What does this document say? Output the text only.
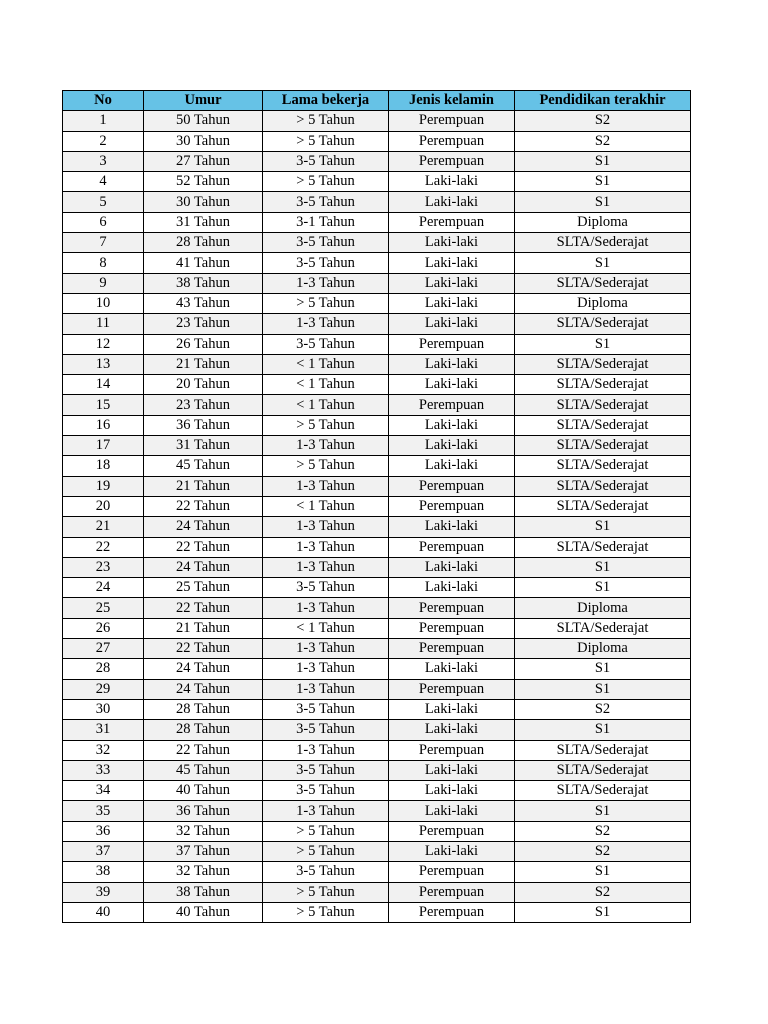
No	Umur	Lama bekerja	Jenis kelamin	Pendidikan terakhir
1	50 Tahun	> 5 Tahun	Perempuan	S2
2	30 Tahun	> 5 Tahun	Perempuan	S2
3	27 Tahun	3-5 Tahun	Perempuan	S1
4	52 Tahun	> 5 Tahun	Laki-laki	S1
5	30 Tahun	3-5 Tahun	Laki-laki	S1
6	31 Tahun	3-1 Tahun	Perempuan	Diploma
7	28 Tahun	3-5 Tahun	Laki-laki	SLTA/Sederajat
8	41 Tahun	3-5 Tahun	Laki-laki	S1
9	38 Tahun	1-3 Tahun	Laki-laki	SLTA/Sederajat
10	43 Tahun	> 5 Tahun	Laki-laki	Diploma
11	23 Tahun	1-3 Tahun	Laki-laki	SLTA/Sederajat
12	26 Tahun	3-5 Tahun	Perempuan	S1
13	21 Tahun	< 1 Tahun	Laki-laki	SLTA/Sederajat
14	20 Tahun	< 1 Tahun	Laki-laki	SLTA/Sederajat
15	23 Tahun	< 1 Tahun	Perempuan	SLTA/Sederajat
16	36 Tahun	> 5 Tahun	Laki-laki	SLTA/Sederajat
17	31 Tahun	1-3 Tahun	Laki-laki	SLTA/Sederajat
18	45 Tahun	> 5 Tahun	Laki-laki	SLTA/Sederajat
19	21 Tahun	1-3 Tahun	Perempuan	SLTA/Sederajat
20	22 Tahun	< 1 Tahun	Perempuan	SLTA/Sederajat
21	24 Tahun	1-3 Tahun	Laki-laki	S1
22	22 Tahun	1-3 Tahun	Perempuan	SLTA/Sederajat
23	24 Tahun	1-3 Tahun	Laki-laki	S1
24	25 Tahun	3-5 Tahun	Laki-laki	S1
25	22 Tahun	1-3 Tahun	Perempuan	Diploma
26	21 Tahun	< 1 Tahun	Perempuan	SLTA/Sederajat
27	22 Tahun	1-3 Tahun	Perempuan	Diploma
28	24 Tahun	1-3 Tahun	Laki-laki	S1
29	24 Tahun	1-3 Tahun	Perempuan	S1
30	28 Tahun	3-5 Tahun	Laki-laki	S2
31	28 Tahun	3-5 Tahun	Laki-laki	S1
32	22 Tahun	1-3 Tahun	Perempuan	SLTA/Sederajat
33	45 Tahun	3-5 Tahun	Laki-laki	SLTA/Sederajat
34	40 Tahun	3-5 Tahun	Laki-laki	SLTA/Sederajat
35	36 Tahun	1-3 Tahun	Laki-laki	S1
36	32 Tahun	> 5 Tahun	Perempuan	S2
37	37 Tahun	> 5 Tahun	Laki-laki	S2
38	32 Tahun	3-5 Tahun	Perempuan	S1
39	38 Tahun	> 5 Tahun	Perempuan	S2
40	40 Tahun	> 5 Tahun	Perempuan	S1
